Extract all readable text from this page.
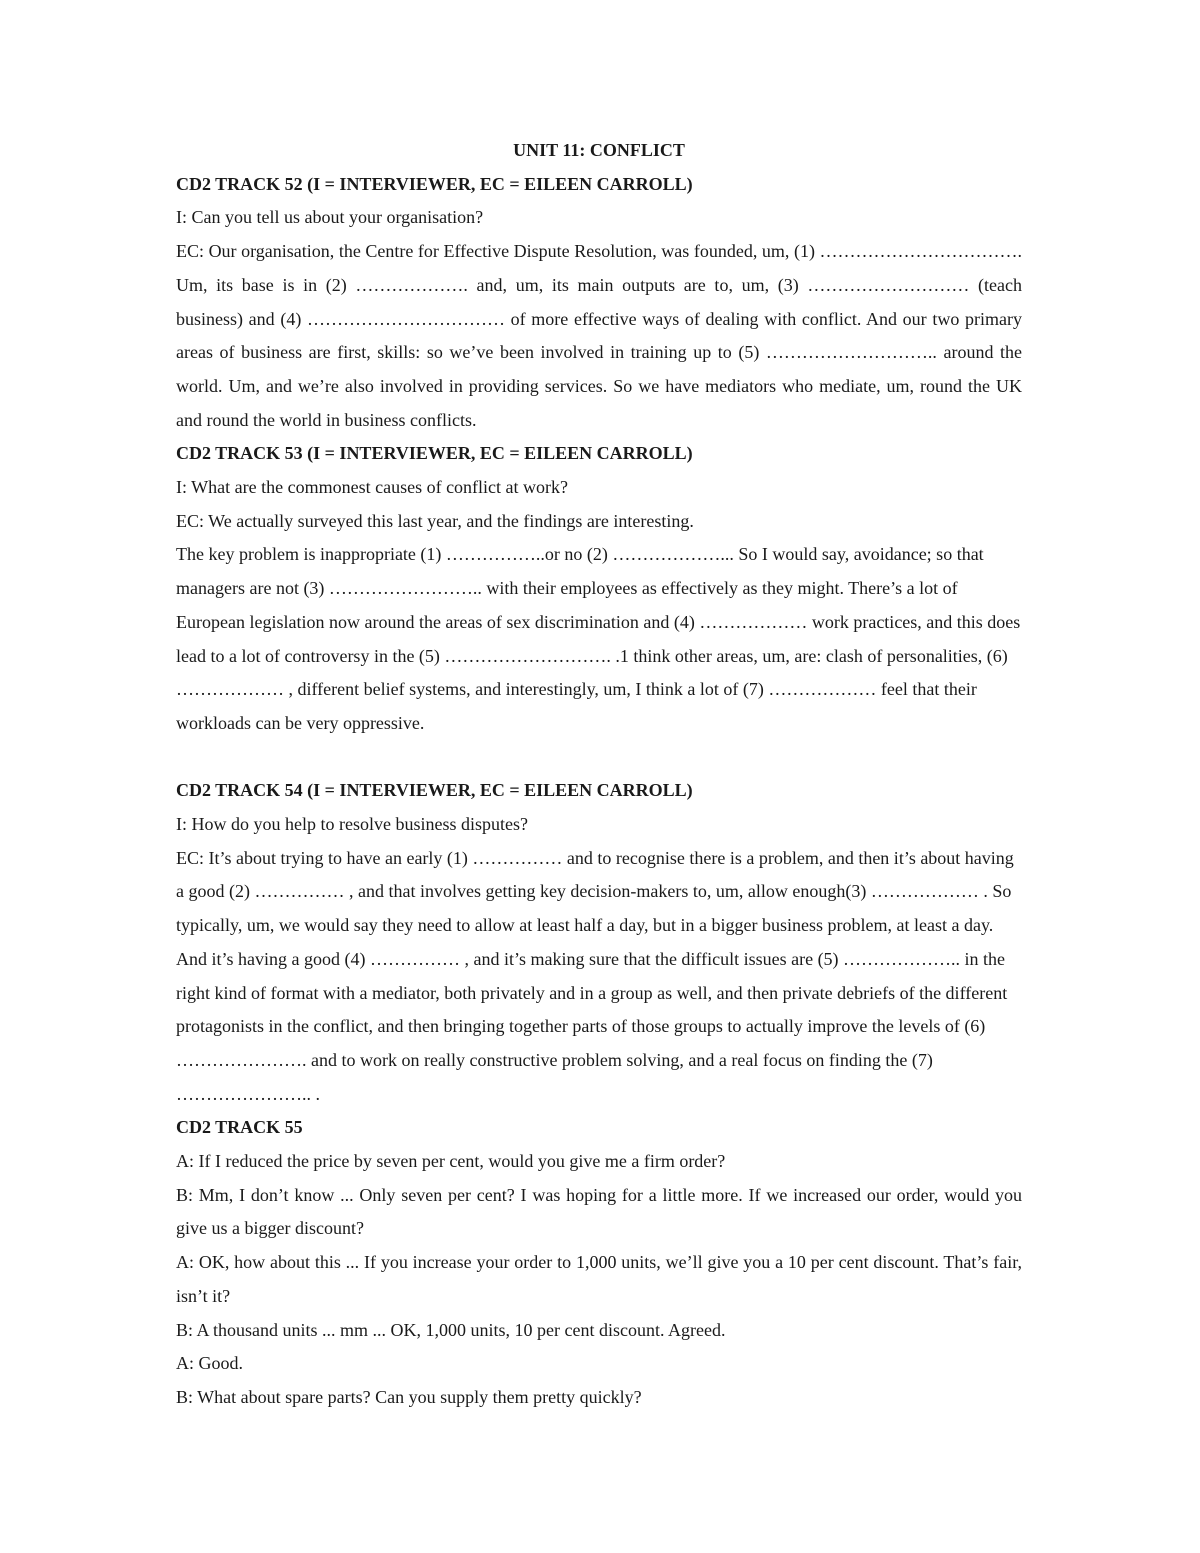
UNIT 11: CONFLICT

CD2 TRACK 52 (I = INTERVIEWER, EC = EILEEN CARROLL)

I: Can you tell us about your organisation?

EC: Our organisation, the Centre for Effective Dispute Resolution, was founded, um, (1) ……………………………. Um, its base is in (2) ………………. and, um, its main outputs are to, um, (3) ……………………… (teach business) and (4) …………………………… of more effective ways of dealing with conflict. And our two primary areas of business are first, skills: so we’ve been involved in training up to (5) ……………………….. around the world. Um, and we’re also involved in providing services. So we have mediators who mediate, um, round the UK and round the world in business conflicts.

CD2 TRACK 53 (I = INTERVIEWER, EC = EILEEN CARROLL)

I: What are the commonest causes of conflict at work?

EC: We actually surveyed this last year, and the findings are interesting.

The key problem is inappropriate (1) ……………..or no (2) ………………... So I would say, avoidance; so that managers are not (3) …………………….. with their employees as effectively as they might. There’s a lot of European legislation now around the areas of sex discrimination and (4) ……………… work practices, and this does lead to a lot of controversy in the (5) ………………………. .1 think other areas, um, are: clash of personalities, (6) ……………… , different belief systems, and interestingly, um, I think a lot of (7) ……………… feel that their workloads can be very oppressive.

CD2 TRACK 54 (I = INTERVIEWER, EC = EILEEN CARROLL)

I: How do you help to resolve business disputes?

EC: It’s about trying to have an early (1) …………… and to recognise there is a problem, and then it’s about having a good (2) …………… , and that involves getting key decision-makers to, um, allow enough(3) ……………… . So typically, um, we would say they need to allow at least half a day, but in a bigger business problem, at least a day. And it’s having a good (4) …………… , and it’s making sure that the difficult issues are (5) ……………….. in the right kind of format with a mediator, both privately and in a group as well, and then private debriefs of the different protagonists in the conflict, and then bringing together parts of those groups to actually improve the levels of (6) …………………. and to work on really constructive problem solving, and a real focus on finding the (7) ………………….. .

CD2 TRACK 55

A: If I reduced the price by seven per cent, would you give me a firm order?

B: Mm, I don’t know ... Only seven per cent? I was hoping for a little more. If we increased our order, would you give us a bigger discount?

A: OK, how about this ... If you increase your order to 1,000 units, we’ll give you a 10 per cent discount. That’s fair, isn’t it?

B: A thousand units ... mm ... OK, 1,000 units, 10 per cent discount. Agreed.

A: Good.

B: What about spare parts? Can you supply them pretty quickly?
